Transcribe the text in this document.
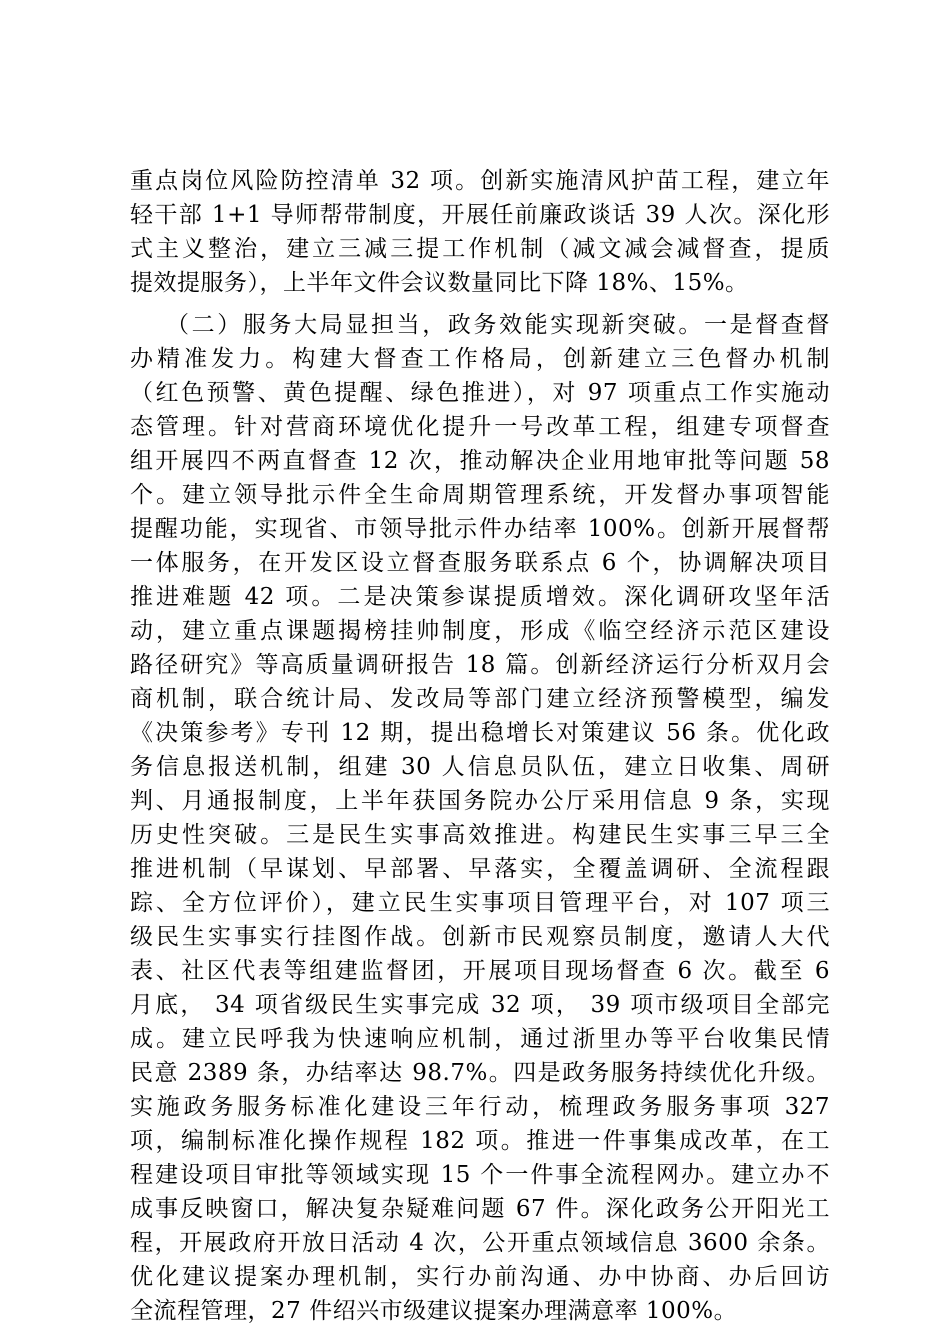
重点岗位风险防控清单 32 项。创新实施清风护苗工程，建立年
轻干部 1+1 导师帮带制度，开展任前廉政谈话 39 人次。深化形
式主义整治，建立三减三提工作机制（减文减会减督查，提质
提效提服务），上半年文件会议数量同比下降 18%、15%。
（二）服务大局显担当，政务效能实现新突破。一是督查督
办精准发力。构建大督查工作格局，创新建立三色督办机制
（红色预警、黄色提醒、绿色推进），对 97 项重点工作实施动
态管理。针对营商环境优化提升一号改革工程，组建专项督查
组开展四不两直督查 12 次，推动解决企业用地审批等问题 58
个。建立领导批示件全生命周期管理系统，开发督办事项智能
提醒功能，实现省、市领导批示件办结率 100%。创新开展督帮
一体服务，在开发区设立督查服务联系点 6 个，协调解决项目
推进难题 42 项。二是决策参谋提质增效。深化调研攻坚年活
动，建立重点课题揭榜挂帅制度，形成《临空经济示范区建设
路径研究》等高质量调研报告 18 篇。创新经济运行分析双月会
商机制，联合统计局、发改局等部门建立经济预警模型，编发
《决策参考》专刊 12 期，提出稳增长对策建议 56 条。优化政
务信息报送机制，组建 30 人信息员队伍，建立日收集、周研
判、月通报制度，上半年获国务院办公厅采用信息 9 条，实现
历史性突破。三是民生实事高效推进。构建民生实事三早三全
推进机制（早谋划、早部署、早落实，全覆盖调研、全流程跟
踪、全方位评价），建立民生实事项目管理平台，对 107 项三
级民生实事实行挂图作战。创新市民观察员制度，邀请人大代
表、社区代表等组建监督团，开展项目现场督查 6 次。截至 6
月底， 34 项省级民生实事完成 32 项， 39 项市级项目全部完
成。建立民呼我为快速响应机制，通过浙里办等平台收集民情
民意 2389 条，办结率达 98.7%。四是政务服务持续优化升级。
实施政务服务标准化建设三年行动，梳理政务服务事项 327
项，编制标准化操作规程 182 项。推进一件事集成改革，在工
程建设项目审批等领域实现 15 个一件事全流程网办。建立办不
成事反映窗口，解决复杂疑难问题 67 件。深化政务公开阳光工
程，开展政府开放日活动 4 次，公开重点领域信息 3600 余条。
优化建议提案办理机制，实行办前沟通、办中协商、办后回访
全流程管理，27 件绍兴市级建议提案办理满意率 100%。
